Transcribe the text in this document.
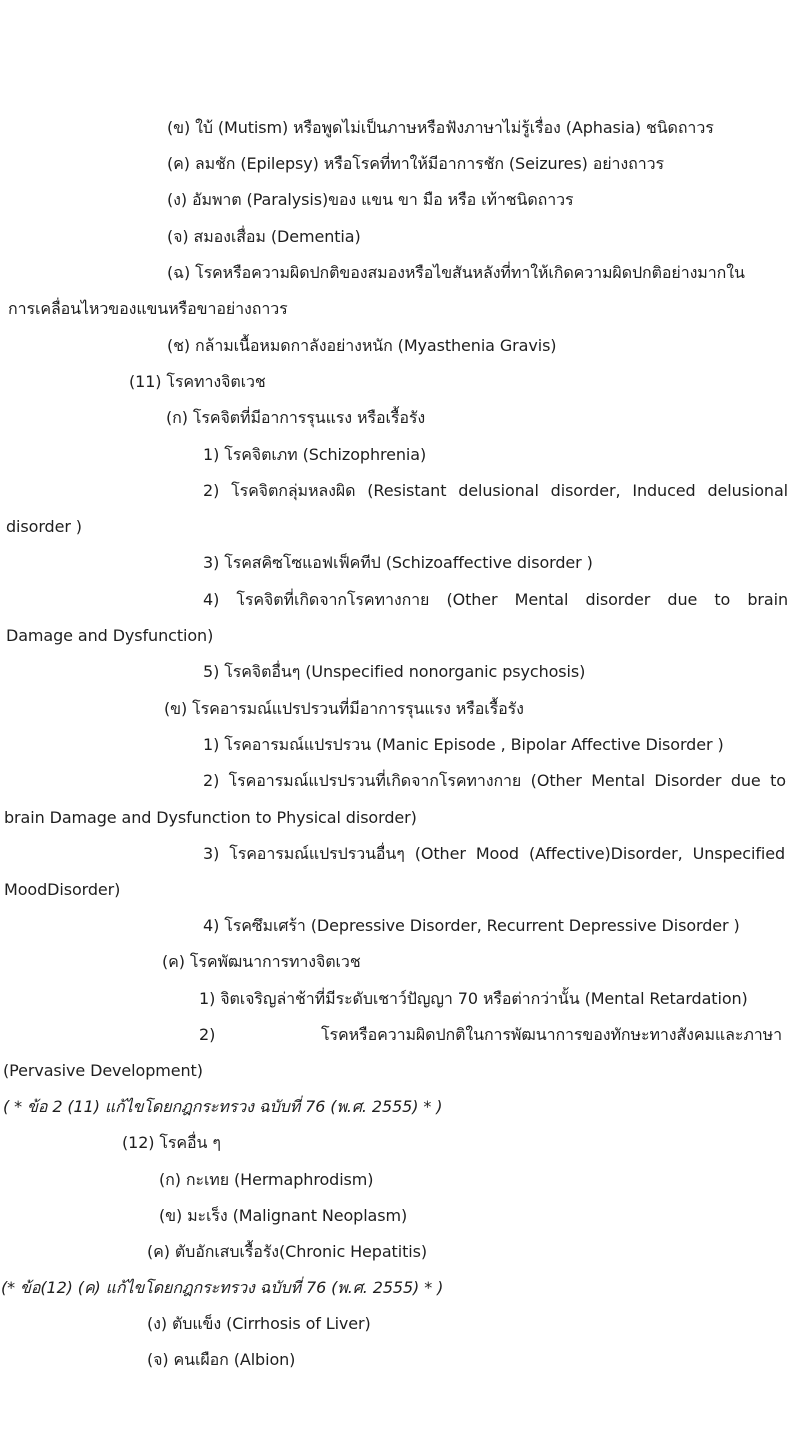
(ข) ใบ้ (Mutism) หรือพูดไม่เป็นภาษหรือฟังภาษาไม่รู้เรื่อง (Aphasia) ชนิดถาวร
(ค) ลมชัก (Epilepsy) หรือโรคที่ทาให้มีอาการชัก (Seizures) อย่างถาวร
(ง) อัมพาต (Paralysis)ของ แขน ขา มือ หรือ เท้าชนิดถาวร
(จ) สมองเสื่อม (Dementia)
(ฉ) โรคหรือความผิดปกติของสมองหรือไขสันหลังที่ทาให้เกิดความผิดปกติอย่างมากใน
การเคลื่อนไหวของแขนหรือขาอย่างถาวร
(ช) กล้ามเนื้อหมดกาลังอย่างหนัก (Myasthenia Gravis)
(11) โรคทางจิตเวช
(ก) โรคจิตที่มีอาการรุนแรง หรือเรื้อรัง
1) โรคจิตเภท (Schizophrenia)
2) โรคจิตกลุ่มหลงผิด (Resistant delusional disorder, Induced delusional
disorder )
3) โรคสคิซโซแอฟเฟ็คทีป (Schizoaffective disorder )
4) โรคจิตที่เกิดจากโรคทางกาย (Other Mental disorder due to brain
Damage and Dysfunction)
5) โรคจิตอื่นๆ (Unspecified nonorganic psychosis)
(ข) โรคอารมณ์แปรปรวนที่มีอาการรุนแรง หรือเรื้อรัง
1) โรคอารมณ์แปรปรวน (Manic Episode , Bipolar Affective Disorder )
2) โรคอารมณ์แปรปรวนที่เกิดจากโรคทางกาย (Other Mental Disorder due to
brain Damage and Dysfunction to Physical disorder)
3) โรคอารมณ์แปรปรวนอื่นๆ (Other Mood (Affective)Disorder, Unspecified
MoodDisorder)
4) โรคซึมเศร้า (Depressive Disorder, Recurrent Depressive Disorder )
(ค) โรคพัฒนาการทางจิตเวช
1) จิตเจริญล่าช้าที่มีระดับเชาว์ปัญญา 70 หรือต่ากว่านั้น (Mental Retardation)
2) โรคหรือความผิดปกติในการพัฒนาการของทักษะทางสังคมและภาษา
(Pervasive Development)
( * ข้อ 2 (11) แก้ไขโดยกฎกระทรวง ฉบับที่ 76 (พ.ศ. 2555) * )
(12) โรคอื่น ๆ
(ก) กะเทย (Hermaphrodism)
(ข) มะเร็ง (Malignant Neoplasm)
(ค) ตับอักเสบเรื้อรัง(Chronic Hepatitis)
(* ข้อ(12) (ค) แก้ไขโดยกฎกระทรวง ฉบับที่ 76 (พ.ศ. 2555) * )
(ง) ตับแข็ง (Cirrhosis of Liver)
(จ) คนเผือก (Albion)
